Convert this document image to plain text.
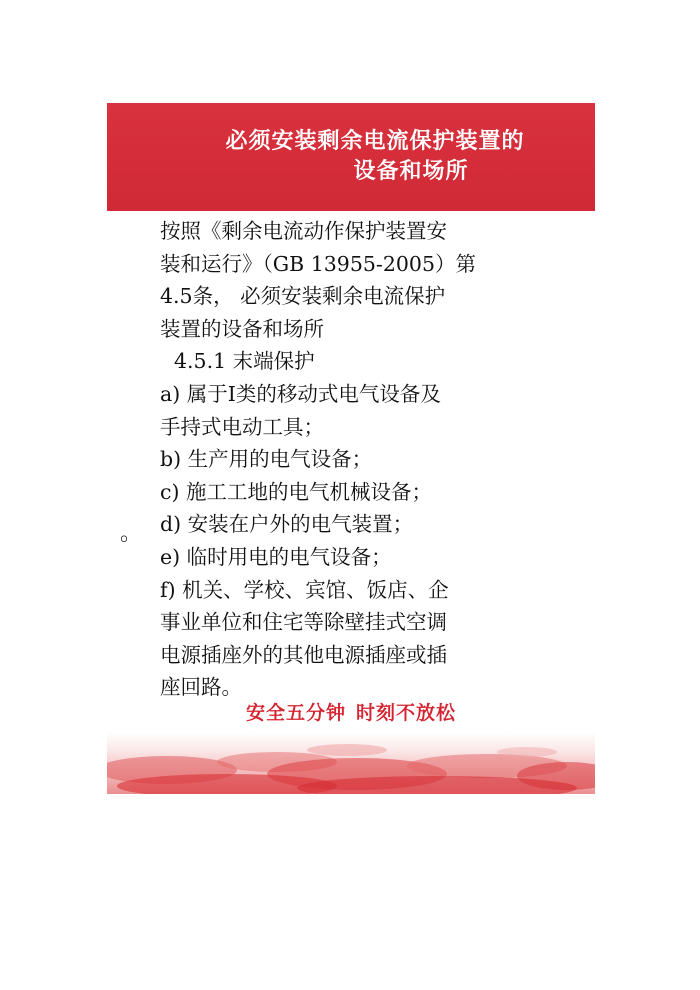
必须安装剩余电流保护装置的
设备和场所
按照《剩余电流动作保护装置安
装和运行》（GB 13955-2005）第
4.5条， 必须安装剩余电流保护
装置的设备和场所
4.5.1 末端保护
a) 属于Ⅰ类的移动式电气设备及
手持式电动工具；
b) 生产用的电气设备；
c) 施工工地的电气机械设备；
d) 安装在户外的电气装置；
e) 临时用电的电气设备；
f) 机关、学校、宾馆、饭店、企
事业单位和住宅等除壁挂式空调
电源插座外的其他电源插座或插
座回路。
。
安全五分钟 时刻不放松
